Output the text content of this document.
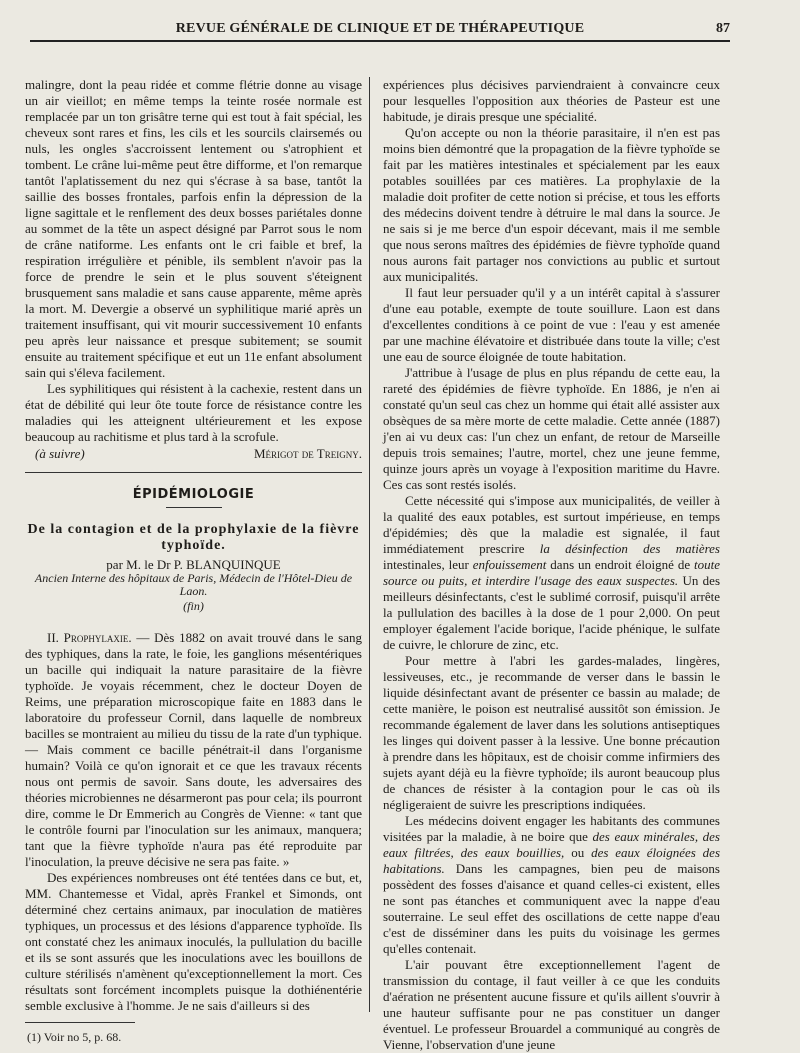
REVUE GÉNÉRALE DE CLINIQUE ET DE THÉRAPEUTIQUE	87

malingre, dont la peau ridée et comme flétrie donne au visage un air vieillot; en même temps la teinte rosée normale est remplacée par un ton grisâtre terne qui est tout à fait spécial, les cheveux sont rares et fins, les cils et les sourcils clairsemés ou nuls, les ongles s'accroissent lentement ou s'atrophient et tombent. Le crâne lui-même peut être difforme, et l'on remarque tantôt l'aplatissement du nez qui s'écrase à sa base, tantôt la saillie des bosses frontales, parfois enfin la dépression de la ligne sagittale et le renflement des deux bosses pariétales donne au sommet de la tête un aspect désigné par Parrot sous le nom de crâne natiforme. Les enfants ont le cri faible et bref, la respiration irrégulière et pénible, ils semblent n'avoir pas la force de prendre le sein et le plus souvent s'éteignent brusquement sans maladie et sans cause apparente, même après la mort. M. Devergie a observé un syphilitique marié après un traitement insuffisant, qui vit mourir successivement 10 enfants peu après leur naissance et presque subitement; se soumit ensuite au traitement spécifique et eut un 11e enfant absolument sain qui s'éleva facilement.

Les syphilitiques qui résistent à la cachexie, restent dans un état de débilité qui leur ôte toute force de résistance contre les maladies qui les atteignent ultérieurement et les expose beaucoup au rachitisme et plus tard à la scrofule.

(à suivre)	Mérigot de Treigny.
ÉPIDÉMIOLOGIE
De la contagion et de la prophylaxie de la fièvre typhoïde.
par M. le Dr P. BLANQUINQUE
Ancien Interne des hôpitaux de Paris, Médecin de l'Hôtel-Dieu de Laon.
(fin)

II. Prophylaxie. — Dès 1882 on avait trouvé dans le sang des typhiques, dans la rate, le foie, les ganglions mésentériques un bacille qui indiquait la nature parasitaire de la fièvre typhoïde. Je voyais récemment, chez le docteur Doyen de Reims, une préparation microscopique faite en 1883 dans le laboratoire du professeur Cornil, dans laquelle de nombreux bacilles se montraient au milieu du tissu de la rate d'un typhique. — Mais comment ce bacille pénétrait-il dans l'organisme humain? Voilà ce qu'on ignorait et ce que les travaux récents nous ont permis de savoir. Sans doute, les adversaires des théories microbiennes ne désarmeront pas pour cela; ils pourront dire, comme le Dr Emmerich au Congrès de Vienne: « tant que le contrôle fourni par l'inoculation sur les animaux, manquera; tant que la fièvre typhoïde n'aura pas été reproduite par l'inoculation, la preuve décisive ne sera pas faite. »

Des expériences nombreuses ont été tentées dans ce but, et, MM. Chantemesse et Vidal, après Frankel et Simonds, ont déterminé chez certains animaux, par inoculation de matières typhiques, un processus et des lésions d'apparence typhoïde. Ils ont constaté chez les animaux inoculés, la pullulation du bacille et ils se sont assurés que les inoculations avec les bouillons de culture stérilisés n'amènent qu'exceptionnellement la mort. Ces résultats sont forcément incomplets puisque la dothiénentérie semble exclusive à l'homme. Je ne sais d'ailleurs si des

(1) Voir no 5, p. 68.

expériences plus décisives parviendraient à convaincre ceux pour lesquelles l'opposition aux théories de Pasteur est une habitude, je dirais presque une spécialité.

Qu'on accepte ou non la théorie parasitaire, il n'en est pas moins bien démontré que la propagation de la fièvre typhoïde se fait par les matières intestinales et spécialement par les eaux potables souillées par ces matières. La prophylaxie de la maladie doit profiter de cette notion si précise, et tous les efforts des médecins doivent tendre à détruire le mal dans la source. Je ne sais si je me berce d'un espoir décevant, mais il me semble que nous serons maîtres des épidémies de fièvre typhoïde quand nous aurons fait partager nos convictions au public et surtout aux municipalités.

Il faut leur persuader qu'il y a un intérêt capital à s'assurer d'une eau potable, exempte de toute souillure. Laon est dans d'excellentes conditions à ce point de vue : l'eau y est amenée par une machine élévatoire et distribuée dans toute la ville; c'est une eau de source éloignée de toute habitation.

J'attribue à l'usage de plus en plus répandu de cette eau, la rareté des épidémies de fièvre typhoïde. En 1886, je n'en ai constaté qu'un seul cas chez un homme qui était allé assister aux obsèques de sa mère morte de cette maladie. Cette année (1887) j'en ai vu deux cas: l'un chez un enfant, de retour de Marseille depuis trois semaines; l'autre, mortel, chez une jeune femme, quinze jours après un voyage à l'exposition maritime du Havre. Ces cas sont restés isolés.

Cette nécessité qui s'impose aux municipalités, de veiller à la qualité des eaux potables, est surtout impérieuse, en temps d'épidémies; dès que la maladie est signalée, il faut immédiatement prescrire la désinfection des matières intestinales, leur enfouissement dans un endroit éloigné de toute source ou puits, et interdire l'usage des eaux suspectes. Un des meilleurs désinfectants, c'est le sublimé corrosif, puisqu'il arrête la pullulation des bacilles à la dose de 1 pour 2,000. On peut employer également l'acide borique, l'acide phénique, le sulfate de cuivre, le chlorure de zinc, etc.

Pour mettre à l'abri les gardes-malades, lingères, lessiveuses, etc., je recommande de verser dans le bassin le liquide désinfectant avant de présenter ce bassin au malade; de cette manière, le poison est neutralisé aussitôt son émission. Je recommande également de laver dans les solutions antiseptiques les linges qui doivent passer à la lessive. Une bonne précaution à prendre dans les hôpitaux, est de choisir comme infirmiers des sujets ayant déjà eu la fièvre typhoïde; ils auront beaucoup plus de chances de résister à la contagion pour le cas où ils négligeraient de suivre les prescriptions indiquées.

Les médecins doivent engager les habitants des communes visitées par la maladie, à ne boire que des eaux minérales, des eaux filtrées, des eaux bouillies, ou des eaux éloignées des habitations. Dans les campagnes, bien peu de maisons possèdent des fosses d'aisance et quand celles-ci existent, elles ne sont pas étanches et communiquent avec la nappe d'eau souterraine. Le seul effet des oscillations de cette nappe d'eau c'est de disséminer dans les puits du voisinage les germes qu'elles contenait.

L'air pouvant être exceptionnellement l'agent de transmission du contage, il faut veiller à ce que les conduits d'aération ne présentent aucune fissure et qu'ils aillent s'ouvrir à une hauteur suffisante pour ne pas constituer un danger éventuel. Le professeur Brouardel a communiqué au congrès de Vienne, l'observation d'une jeune
